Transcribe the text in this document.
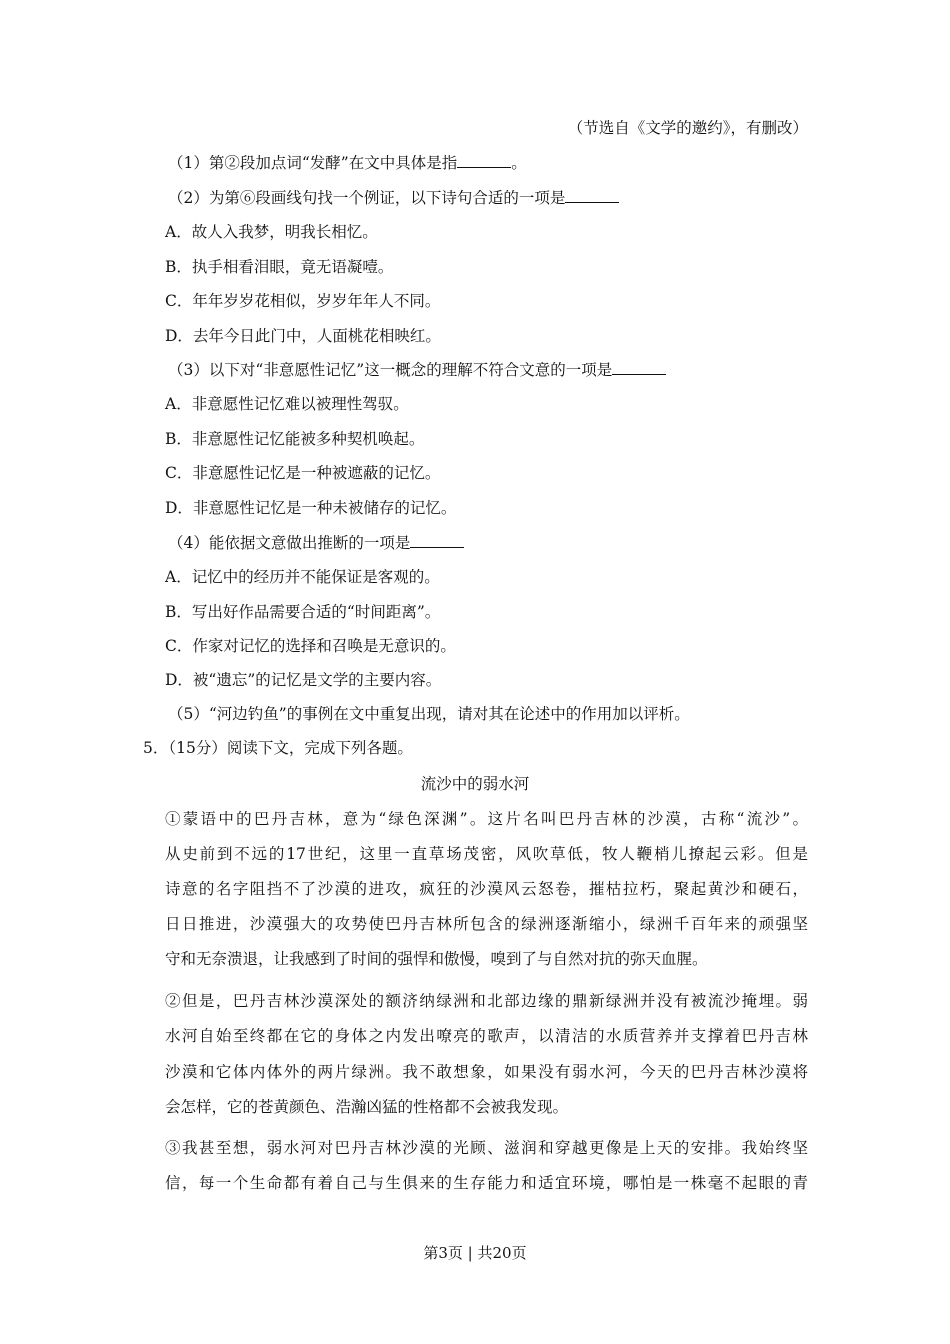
（节选自《文学的邀约》，有删改）
（1）第②段加点词“发酵”在文中具体是指	。
（2）为第⑥段画线句找一个例证，以下诗句合适的一项是
A．故人入我梦，明我长相忆。
B．执手相看泪眼，竟无语凝噎。
C．年年岁岁花相似，岁岁年年人不同。
D．去年今日此门中，人面桃花相映红。
（3）以下对“非意愿性记忆”这一概念的理解不符合文意的一项是
A．非意愿性记忆难以被理性驾驭。
B．非意愿性记忆能被多种契机唤起。
C．非意愿性记忆是一种被遮蔽的记忆。
D．非意愿性记忆是一种未被储存的记忆。
（4）能依据文意做出推断的一项是
A．记忆中的经历并不能保证是客观的。
B．写出好作品需要合适的“时间距离”。
C．作家对记忆的选择和召唤是无意识的。
D．被“遗忘”的记忆是文学的主要内容。
（5）“河边钓鱼”的事例在文中重复出现，请对其在论述中的作用加以评析。
5．（15分）阅读下文，完成下列各题。
流沙中的弱水河
①蒙语中的巴丹吉林，意为“绿色深渊”。这片名叫巴丹吉林的沙漠，古称“流沙”。
从史前到不远的17世纪，这里一直草场茂密，风吹草低，牧人鞭梢儿撩起云彩。但是
诗意的名字阻挡不了沙漠的进攻，疯狂的沙漠风云怒卷，摧枯拉朽，聚起黄沙和硬石，
日日推进，沙漠强大的攻势使巴丹吉林所包含的绿洲逐渐缩小，绿洲千百年来的顽强坚
守和无奈溃退，让我感到了时间的强悍和傲慢，嗅到了与自然对抗的弥天血腥。
②但是，巴丹吉林沙漠深处的额济纳绿洲和北部边缘的鼎新绿洲并没有被流沙掩埋。弱
水河自始至终都在它的身体之内发出嘹亮的歌声，以清洁的水质营养并支撑着巴丹吉林
沙漠和它体内体外的两片绿洲。我不敢想象，如果没有弱水河，今天的巴丹吉林沙漠将
会怎样，它的苍黄颜色、浩瀚凶猛的性格都不会被我发现。
③我甚至想，弱水河对巴丹吉林沙漠的光顾、滋润和穿越更像是上天的安排。我始终坚
信，每一个生命都有着自己与生俱来的生存能力和适宜环境，哪怕是一株毫不起眼的青
第3页 | 共20页
